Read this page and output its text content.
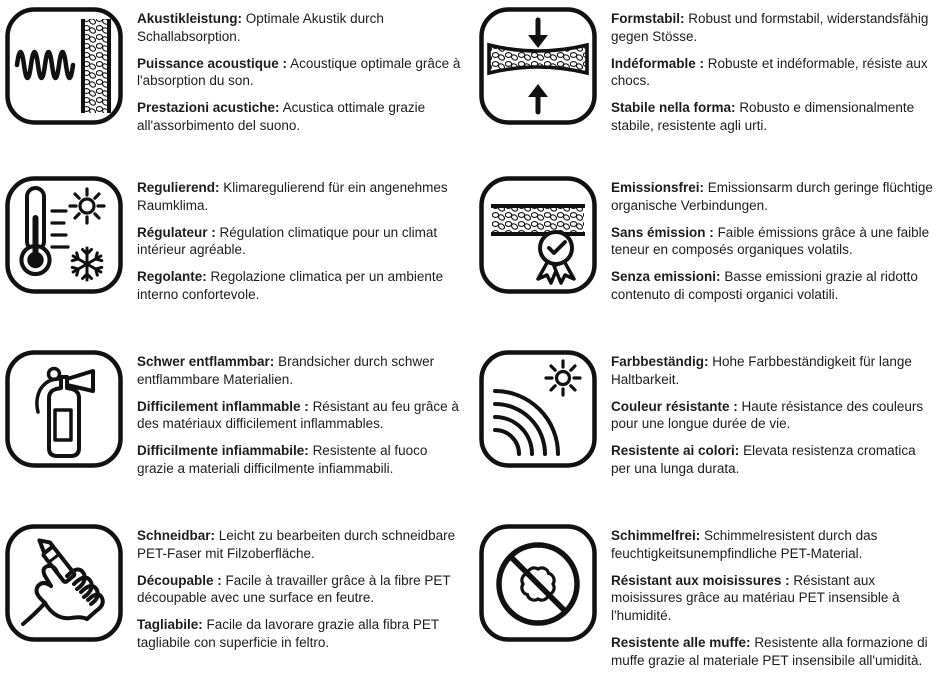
Akustikleistung: Optimale Akustik durch Schallabsorption.

Puissance acoustique : Acoustique optimale grâce à l'absorption du son.

Prestazioni acustiche: Acustica ottimale grazie all'assorbimento del suono.

Formstabil: Robust und formstabil, widerstandsfähig gegen Stösse.

Indéformable : Robuste et indéformable, résiste aux chocs.

Stabile nella forma: Robusto e dimensionalmente stabile, resistente agli urti.

Regulierend: Klimaregulierend für ein angenehmes Raumklima.

Régulateur : Régulation climatique pour un climat intérieur agréable.

Regolante: Regolazione climatica per un ambiente interno confortevole.

Emissionsfrei: Emissionsarm durch geringe flüchtige organische Verbindungen.

Sans émission : Faible émissions grâce à une faible teneur en composés organiques volatils.

Senza emissioni: Basse emissioni grazie al ridotto contenuto di composti organici volatili.

Schwer entflammbar: Brandsicher durch schwer entflammbare Materialien.

Difficilement inflammable : Résistant au feu grâce à des matériaux difficilement inflammables.

Difficilmente infiammabile: Resistente al fuoco grazie a materiali difficilmente infiammabili.

Farbbeständig: Hohe Farbbeständigkeit für lange Haltbarkeit.

Couleur résistante : Haute résistance des couleurs pour une longue durée de vie.

Resistente ai colori: Elevata resistenza cromatica per una lunga durata.

Schneidbar: Leicht zu bearbeiten durch schneidbare PET-Faser mit Filzoberfläche.

Découpable : Facile à travailler grâce à la fibre PET découpable avec une surface en feutre.

Tagliabile: Facile da lavorare grazie alla fibra PET tagliabile con superficie in feltro.

Schimmelfrei: Schimmelresistent durch das feuchtigkeitsunempfindliche PET-Material.

Résistant aux moisissures : Résistant aux moisissures grâce au matériau PET insensible à l'humidité.

Resistente alle muffe: Resistente alla formazione di muffe grazie al materiale PET insensibile all'umidità.
